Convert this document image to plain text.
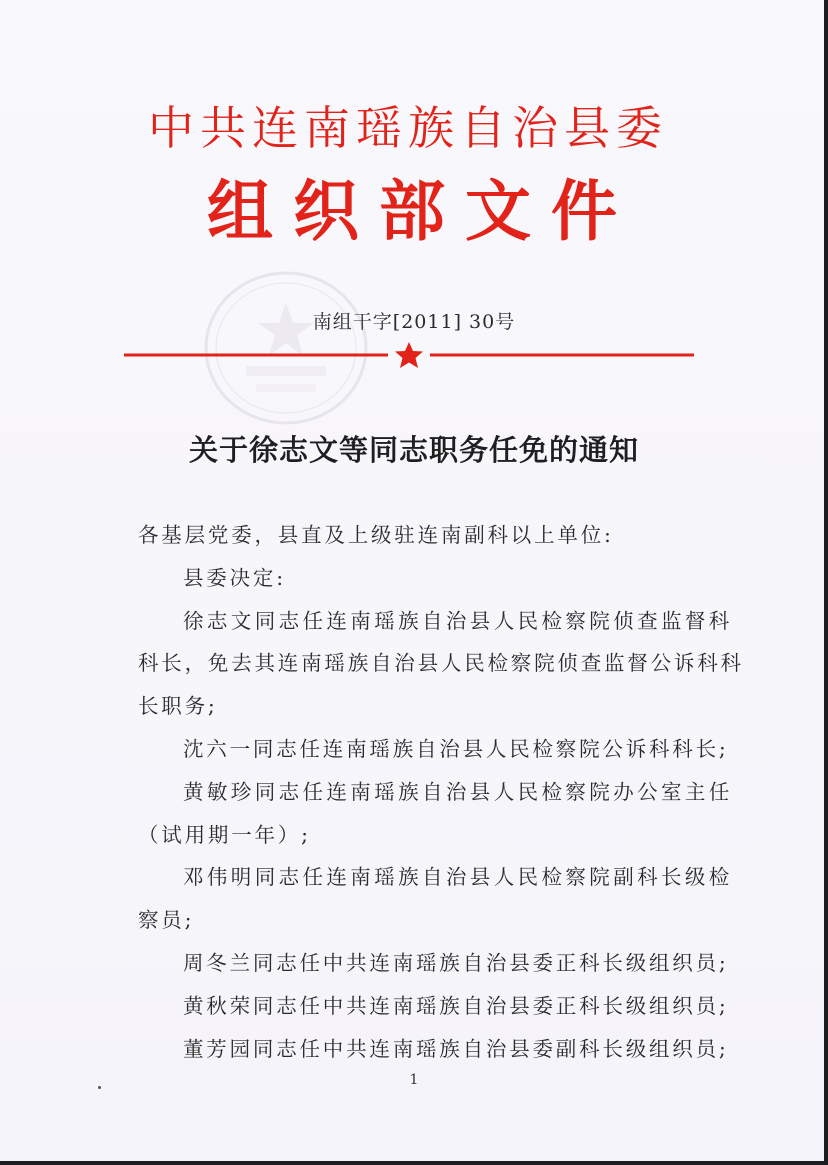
中共连南瑶族自治县委
组织部文件
南组干字[2011] 30号
关于徐志文等同志职务任免的通知
各基层党委，县直及上级驻连南副科以上单位:
县委决定:
徐志文同志任连南瑶族自治县人民检察院侦查监督科
科长，免去其连南瑶族自治县人民检察院侦查监督公诉科科
长职务;
沈六一同志任连南瑶族自治县人民检察院公诉科科长;
黄敏珍同志任连南瑶族自治县人民检察院办公室主任
（试用期一年）;
邓伟明同志任连南瑶族自治县人民检察院副科长级检
察员;
周冬兰同志任中共连南瑶族自治县委正科长级组织员;
黄秋荣同志任中共连南瑶族自治县委正科长级组织员;
董芳园同志任中共连南瑶族自治县委副科长级组织员;
1
